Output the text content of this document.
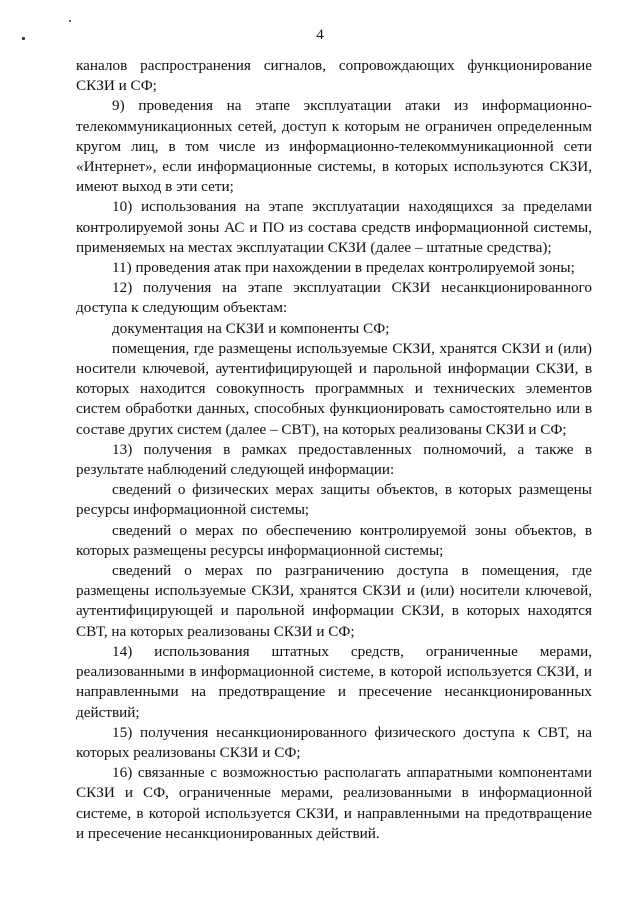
4

каналов распространения сигналов, сопровождающих функционирование СКЗИ и СФ;

9) проведения на этапе эксплуатации атаки из информационно-телекоммуникационных сетей, доступ к которым не ограничен определенным кругом лиц, в том числе из информационно-телекоммуникационной сети «Интернет», если информационные системы, в которых используются СКЗИ, имеют выход в эти сети;

10) использования на этапе эксплуатации находящихся за пределами контролируемой зоны АС и ПО из состава средств информационной системы, применяемых на местах эксплуатации СКЗИ (далее – штатные средства);

11) проведения атак при нахождении в пределах контролируемой зоны;

12) получения на этапе эксплуатации СКЗИ несанкционированного доступа к следующим объектам:

документация на СКЗИ и компоненты СФ;

помещения, где размещены используемые СКЗИ, хранятся СКЗИ и (или) носители ключевой, аутентифицирующей и парольной информации СКЗИ, в которых находится совокупность программных и технических элементов систем обработки данных, способных функционировать самостоятельно или в составе других систем (далее – СВТ), на которых реализованы СКЗИ и СФ;

13) получения в рамках предоставленных полномочий, а также в результате наблюдений следующей информации:

сведений о физических мерах защиты объектов, в которых размещены ресурсы информационной системы;

сведений о мерах по обеспечению контролируемой зоны объектов, в которых размещены ресурсы информационной системы;

сведений о мерах по разграничению доступа в помещения, где размещены используемые СКЗИ, хранятся СКЗИ и (или) носители ключевой, аутентифицирующей и парольной информации СКЗИ, в которых находятся СВТ, на которых реализованы СКЗИ и СФ;

14) использования штатных средств, ограниченные мерами, реализованными в информационной системе, в которой используется СКЗИ, и направленными на предотвращение и пресечение несанкционированных действий;

15) получения несанкционированного физического доступа к СВТ, на которых реализованы СКЗИ и СФ;

16) связанные с возможностью располагать аппаратными компонентами СКЗИ и СФ, ограниченные мерами, реализованными в информационной системе, в которой используется СКЗИ, и направленными на предотвращение и пресечение несанкционированных действий.
